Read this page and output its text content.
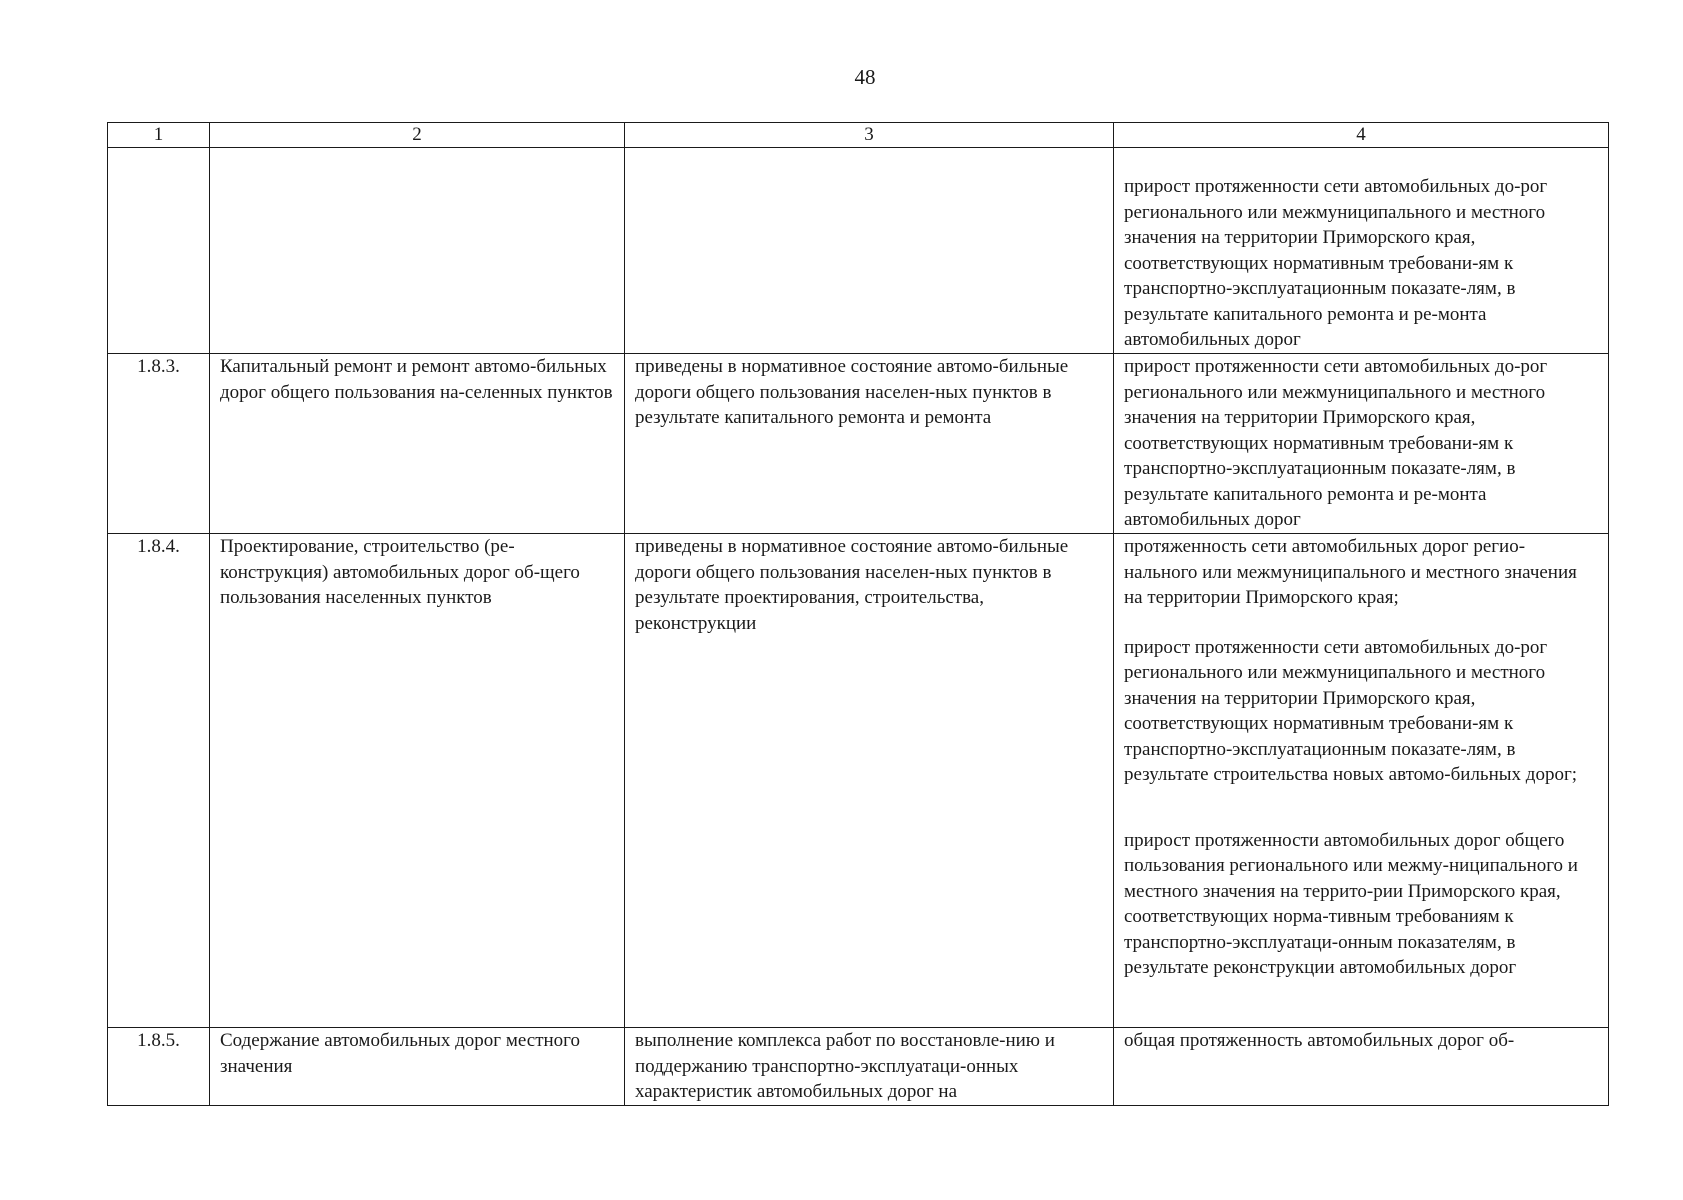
48
1	2	3	4

			прирост протяженности сети автомобильных до-рог регионального или межмуниципального и местного значения на территории Приморского края, соответствующих нормативным требовани-ям к транспортно-эксплуатационным показате-лям, в результате капитального ремонта и ре-монта автомобильных дорог

1.8.3.	Капитальный ремонт и ремонт автомо-бильных дорог общего пользования на-селенных пунктов	приведены в нормативное состояние автомо-бильные дороги общего пользования населен-ных пунктов в результате капитального ремонта и ремонта	прирост протяженности сети автомобильных до-рог регионального или межмуниципального и местного значения на территории Приморского края, соответствующих нормативным требовани-ям к транспортно-эксплуатационным показате-лям, в результате капитального ремонта и ре-монта автомобильных дорог

1.8.4.	Проектирование, строительство (ре-конструкция) автомобильных дорог об-щего пользования населенных пунктов	приведены в нормативное состояние автомо-бильные дороги общего пользования населен-ных пунктов в результате проектирования, строительства, реконструкции	протяженность сети автомобильных дорог регио-нального или межмуниципального и местного значения на территории Приморского края;

прирост протяженности сети автомобильных до-рог регионального или межмуниципального и местного значения на территории Приморского края, соответствующих нормативным требовани-ям к транспортно-эксплуатационным показате-лям, в результате строительства новых автомо-бильных дорог;

прирост протяженности автомобильных дорог общего пользования регионального или межму-ниципального и местного значения на террито-рии Приморского края, соответствующих норма-тивным требованиям к транспортно-эксплуатаци-онным показателям, в результате реконструкции автомобильных дорог

1.8.5.	Содержание автомобильных дорог местного значения	выполнение комплекса работ по восстановле-нию и поддержанию транспортно-эксплуатаци-онных характеристик автомобильных дорог на	общая протяженность автомобильных дорог об-
